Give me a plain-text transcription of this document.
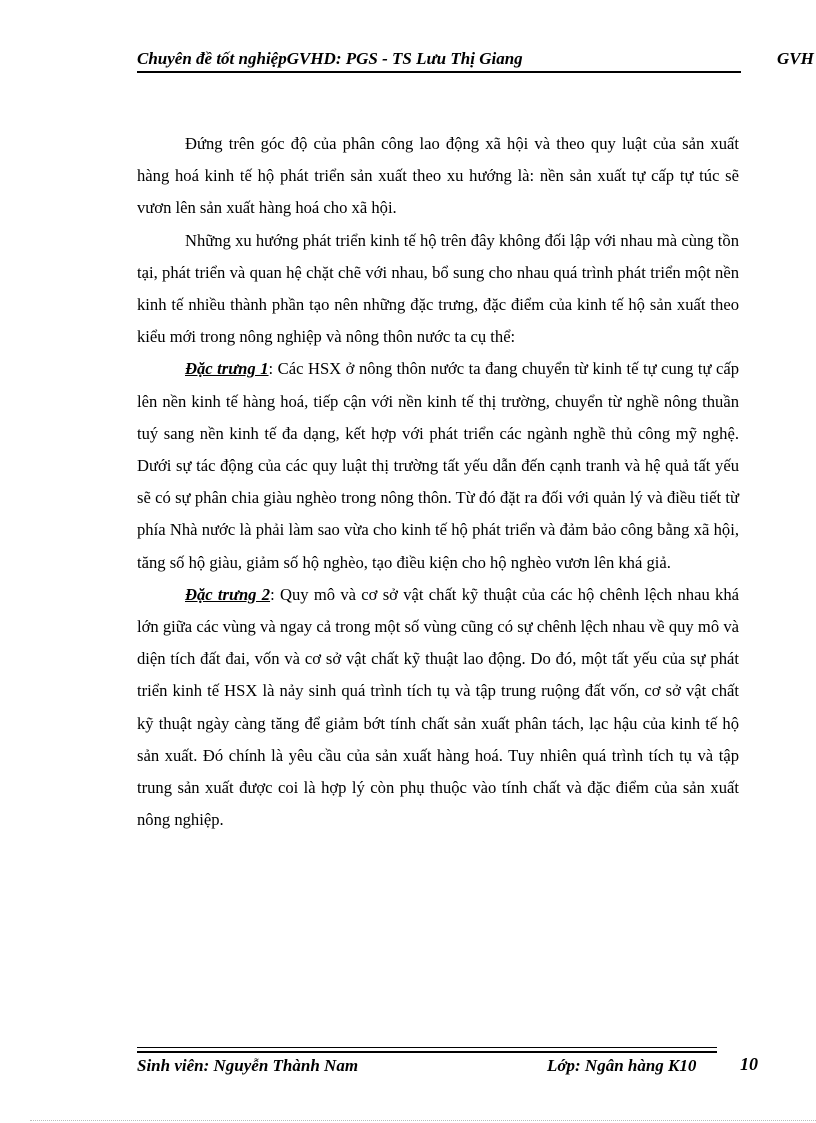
Chuyên đề tốt nghiệpGVHD: PGS - TS Lưu Thị Giang	GVH

Đứng trên góc độ của phân công lao động xã hội và theo quy luật của sản xuất hàng hoá kinh tế hộ phát triển sản xuất theo xu hướng là: nền sản xuất tự cấp tự túc sẽ vươn lên sản xuất hàng hoá cho xã hội.

Những xu hướng phát triển kinh tế hộ trên đây không đối lập với nhau mà cùng tồn tại, phát triển và quan hệ chặt chẽ với nhau, bổ sung cho nhau quá trình phát triển một nền kinh tế nhiều thành phần tạo nên những đặc trưng, đặc điểm của kinh tế hộ sản xuất theo kiểu mới trong nông nghiệp và nông thôn nước ta cụ thể:

Đặc trưng 1: Các HSX ở nông thôn nước ta đang chuyển từ kinh tế tự cung tự cấp lên nền kinh tế hàng hoá, tiếp cận với nền kinh tế thị trường, chuyển từ nghề nông thuần tuý sang nền kinh tế đa dạng, kết hợp với phát triển các ngành nghề thủ công mỹ nghệ. Dưới sự tác động của các quy luật thị trường tất yếu dẫn đến cạnh tranh và hệ quả tất yếu sẽ có sự phân chia giàu nghèo trong nông thôn. Từ đó đặt ra đối với quản lý và điều tiết từ phía Nhà nước là phải làm sao vừa cho kinh tế hộ phát triển và đảm bảo công bằng xã hội, tăng số hộ giàu, giảm số hộ nghèo, tạo điều kiện cho hộ nghèo vươn lên khá giả.

Đặc trưng 2: Quy mô và cơ sở vật chất kỹ thuật của các hộ chênh lệch nhau khá lớn giữa các vùng và ngay cả trong một số vùng cũng có sự chênh lệch nhau về quy mô và diện tích đất đai, vốn và cơ sở vật chất kỹ thuật lao động. Do đó, một tất yếu của sự phát triển kinh tế HSX là nảy sinh quá trình tích tụ và tập trung ruộng đất vốn, cơ sở vật chất kỹ thuật ngày càng tăng để giảm bớt tính chất sản xuất phân tách, lạc hậu của kinh tế hộ sản xuất. Đó chính là yêu cầu của sản xuất hàng hoá. Tuy nhiên quá trình tích tụ và tập trung sản xuất được coi là hợp lý còn phụ thuộc vào tính chất và đặc điểm của sản xuất nông nghiệp.

Sinh viên: Nguyễn Thành Nam	Lớp: Ngân hàng K10 10
